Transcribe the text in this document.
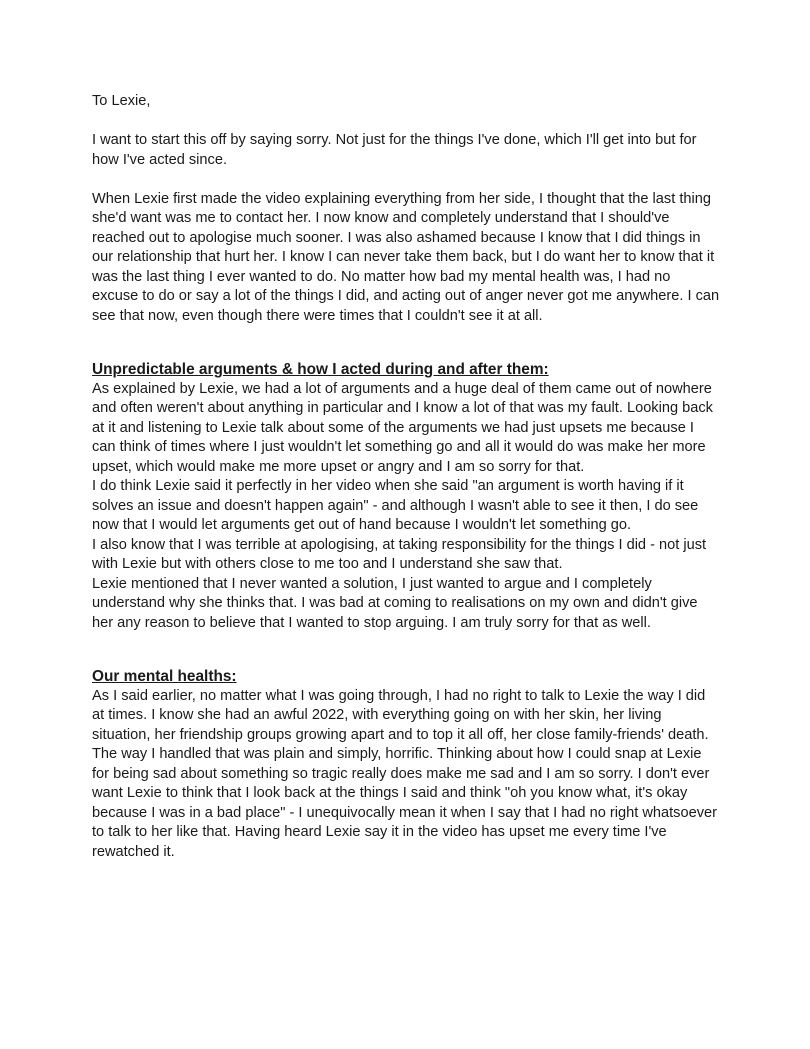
To Lexie,

I want to start this off by saying sorry. Not just for the things I've done, which I'll get into but for how I've acted since.

When Lexie first made the video explaining everything from her side, I thought that the last thing she'd want was me to contact her. I now know and completely understand that I should've reached out to apologise much sooner. I was also ashamed because I know that I did things in our relationship that hurt her. I know I can never take them back, but I do want her to know that it was the last thing I ever wanted to do. No matter how bad my mental health was, I had no excuse to do or say a lot of the things I did, and acting out of anger never got me anywhere. I can see that now, even though there were times that I couldn't see it at all.

Unpredictable arguments & how I acted during and after them:

As explained by Lexie, we had a lot of arguments and a huge deal of them came out of nowhere and often weren't about anything in particular and I know a lot of that was my fault. Looking back at it and listening to Lexie talk about some of the arguments we had just upsets me because I can think of times where I just wouldn't let something go and all it would do was make her more upset, which would make me more upset or angry and I am so sorry for that.

I do think Lexie said it perfectly in her video when she said "an argument is worth having if it solves an issue and doesn't happen again" - and although I wasn't able to see it then, I do see now that I would let arguments get out of hand because I wouldn't let something go.

I also know that I was terrible at apologising, at taking responsibility for the things I did - not just with Lexie but with others close to me too and I understand she saw that.

Lexie mentioned that I never wanted a solution, I just wanted to argue and I completely understand why she thinks that. I was bad at coming to realisations on my own and didn't give her any reason to believe that I wanted to stop arguing. I am truly sorry for that as well.

Our mental healths:

As I said earlier, no matter what I was going through, I had no right to talk to Lexie the way I did at times. I know she had an awful 2022, with everything going on with her skin, her living situation, her friendship groups growing apart and to top it all off, her close family-friends' death. The way I handled that was plain and simply, horrific. Thinking about how I could snap at Lexie for being sad about something so tragic really does make me sad and I am so sorry. I don't ever want Lexie to think that I look back at the things I said and think "oh you know what, it's okay because I was in a bad place" - I unequivocally mean it when I say that I had no right whatsoever to talk to her like that. Having heard Lexie say it in the video has upset me every time I've rewatched it.
